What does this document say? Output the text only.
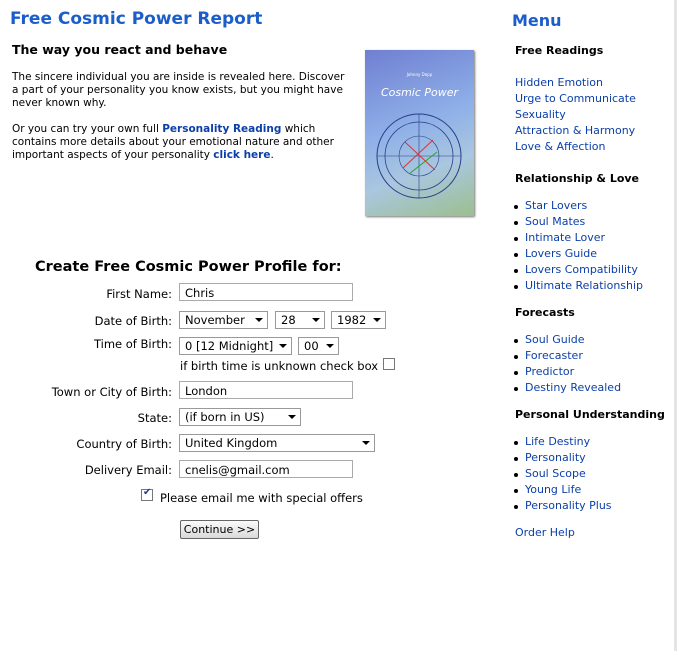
Free Cosmic Power Report
The way you react and behave
The sincere individual you are inside is revealed here. Discover a part of your personality you know exists, but you might have never known why.
Or you can try your own full Personality Reading which contains more details about your emotional nature and other important aspects of your personality click here.
Johnny Depp
Cosmic Power
Create Free Cosmic Power Profile for:
First Name:	Chris
Date of Birth:	November	28	1982
Time of Birth:	0 [12 Midnight]	00
if birth time is unknown check box
Town or City of Birth:	London
State:	(if born in US)
Country of Birth:	United Kingdom
Delivery Email:	cnelis@gmail.com
✔
Please email me with special offers
Continue >>
Menu
Free Readings
Hidden Emotion
Urge to Communicate
Sexuality
Attraction & Harmony
Love & Affection
Relationship & Love
Star Lovers
Soul Mates
Intimate Lover
Lovers Guide
Lovers Compatibility
Ultimate Relationship
Forecasts
Soul Guide
Forecaster
Predictor
Destiny Revealed
Personal Understanding
Life Destiny
Personality
Soul Scope
Young Life
Personality Plus
Order Help
